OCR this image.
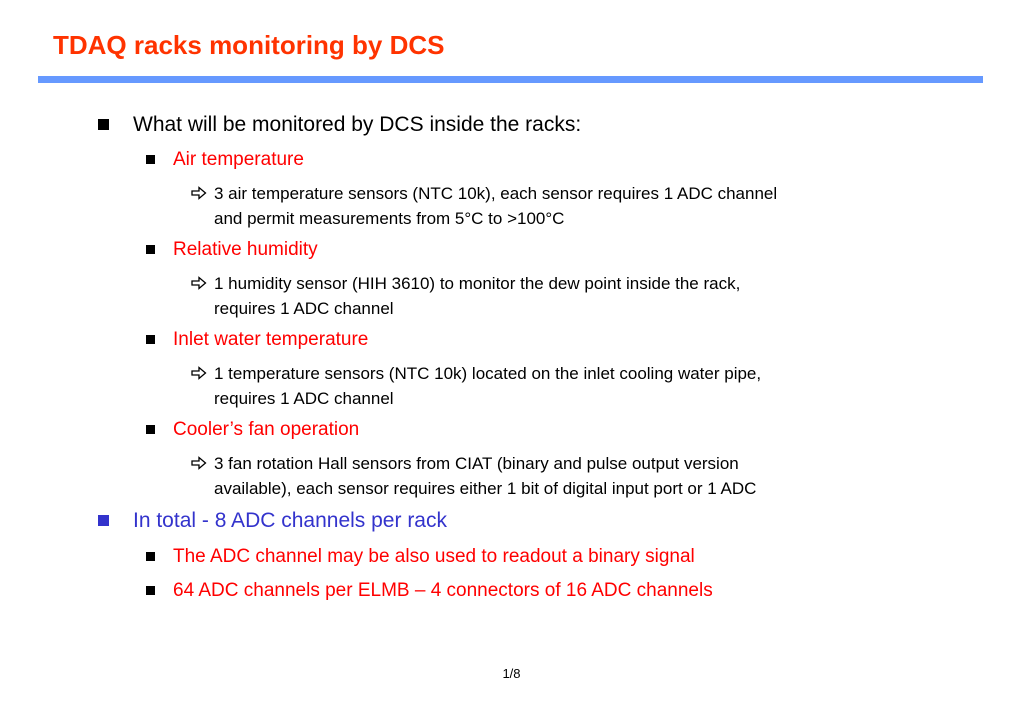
TDAQ racks monitoring by DCS
What will be monitored by DCS inside the racks:
Air temperature
3 air temperature sensors (NTC 10k), each sensor requires 1 ADC channel
and permit measurements from 5°C to >100°C
Relative humidity
1 humidity sensor (HIH 3610) to monitor the dew point inside the rack,
requires 1 ADC channel
Inlet water temperature
1 temperature sensors (NTC 10k) located on the inlet cooling water pipe,
requires 1 ADC channel
Cooler’s fan operation
3 fan rotation Hall sensors from CIAT (binary and pulse output version
available), each sensor requires either 1 bit of digital input port or 1 ADC
In total - 8 ADC channels per rack
The ADC channel may be also used to readout a binary signal
64 ADC channels per ELMB – 4 connectors of 16 ADC channels
1/8
